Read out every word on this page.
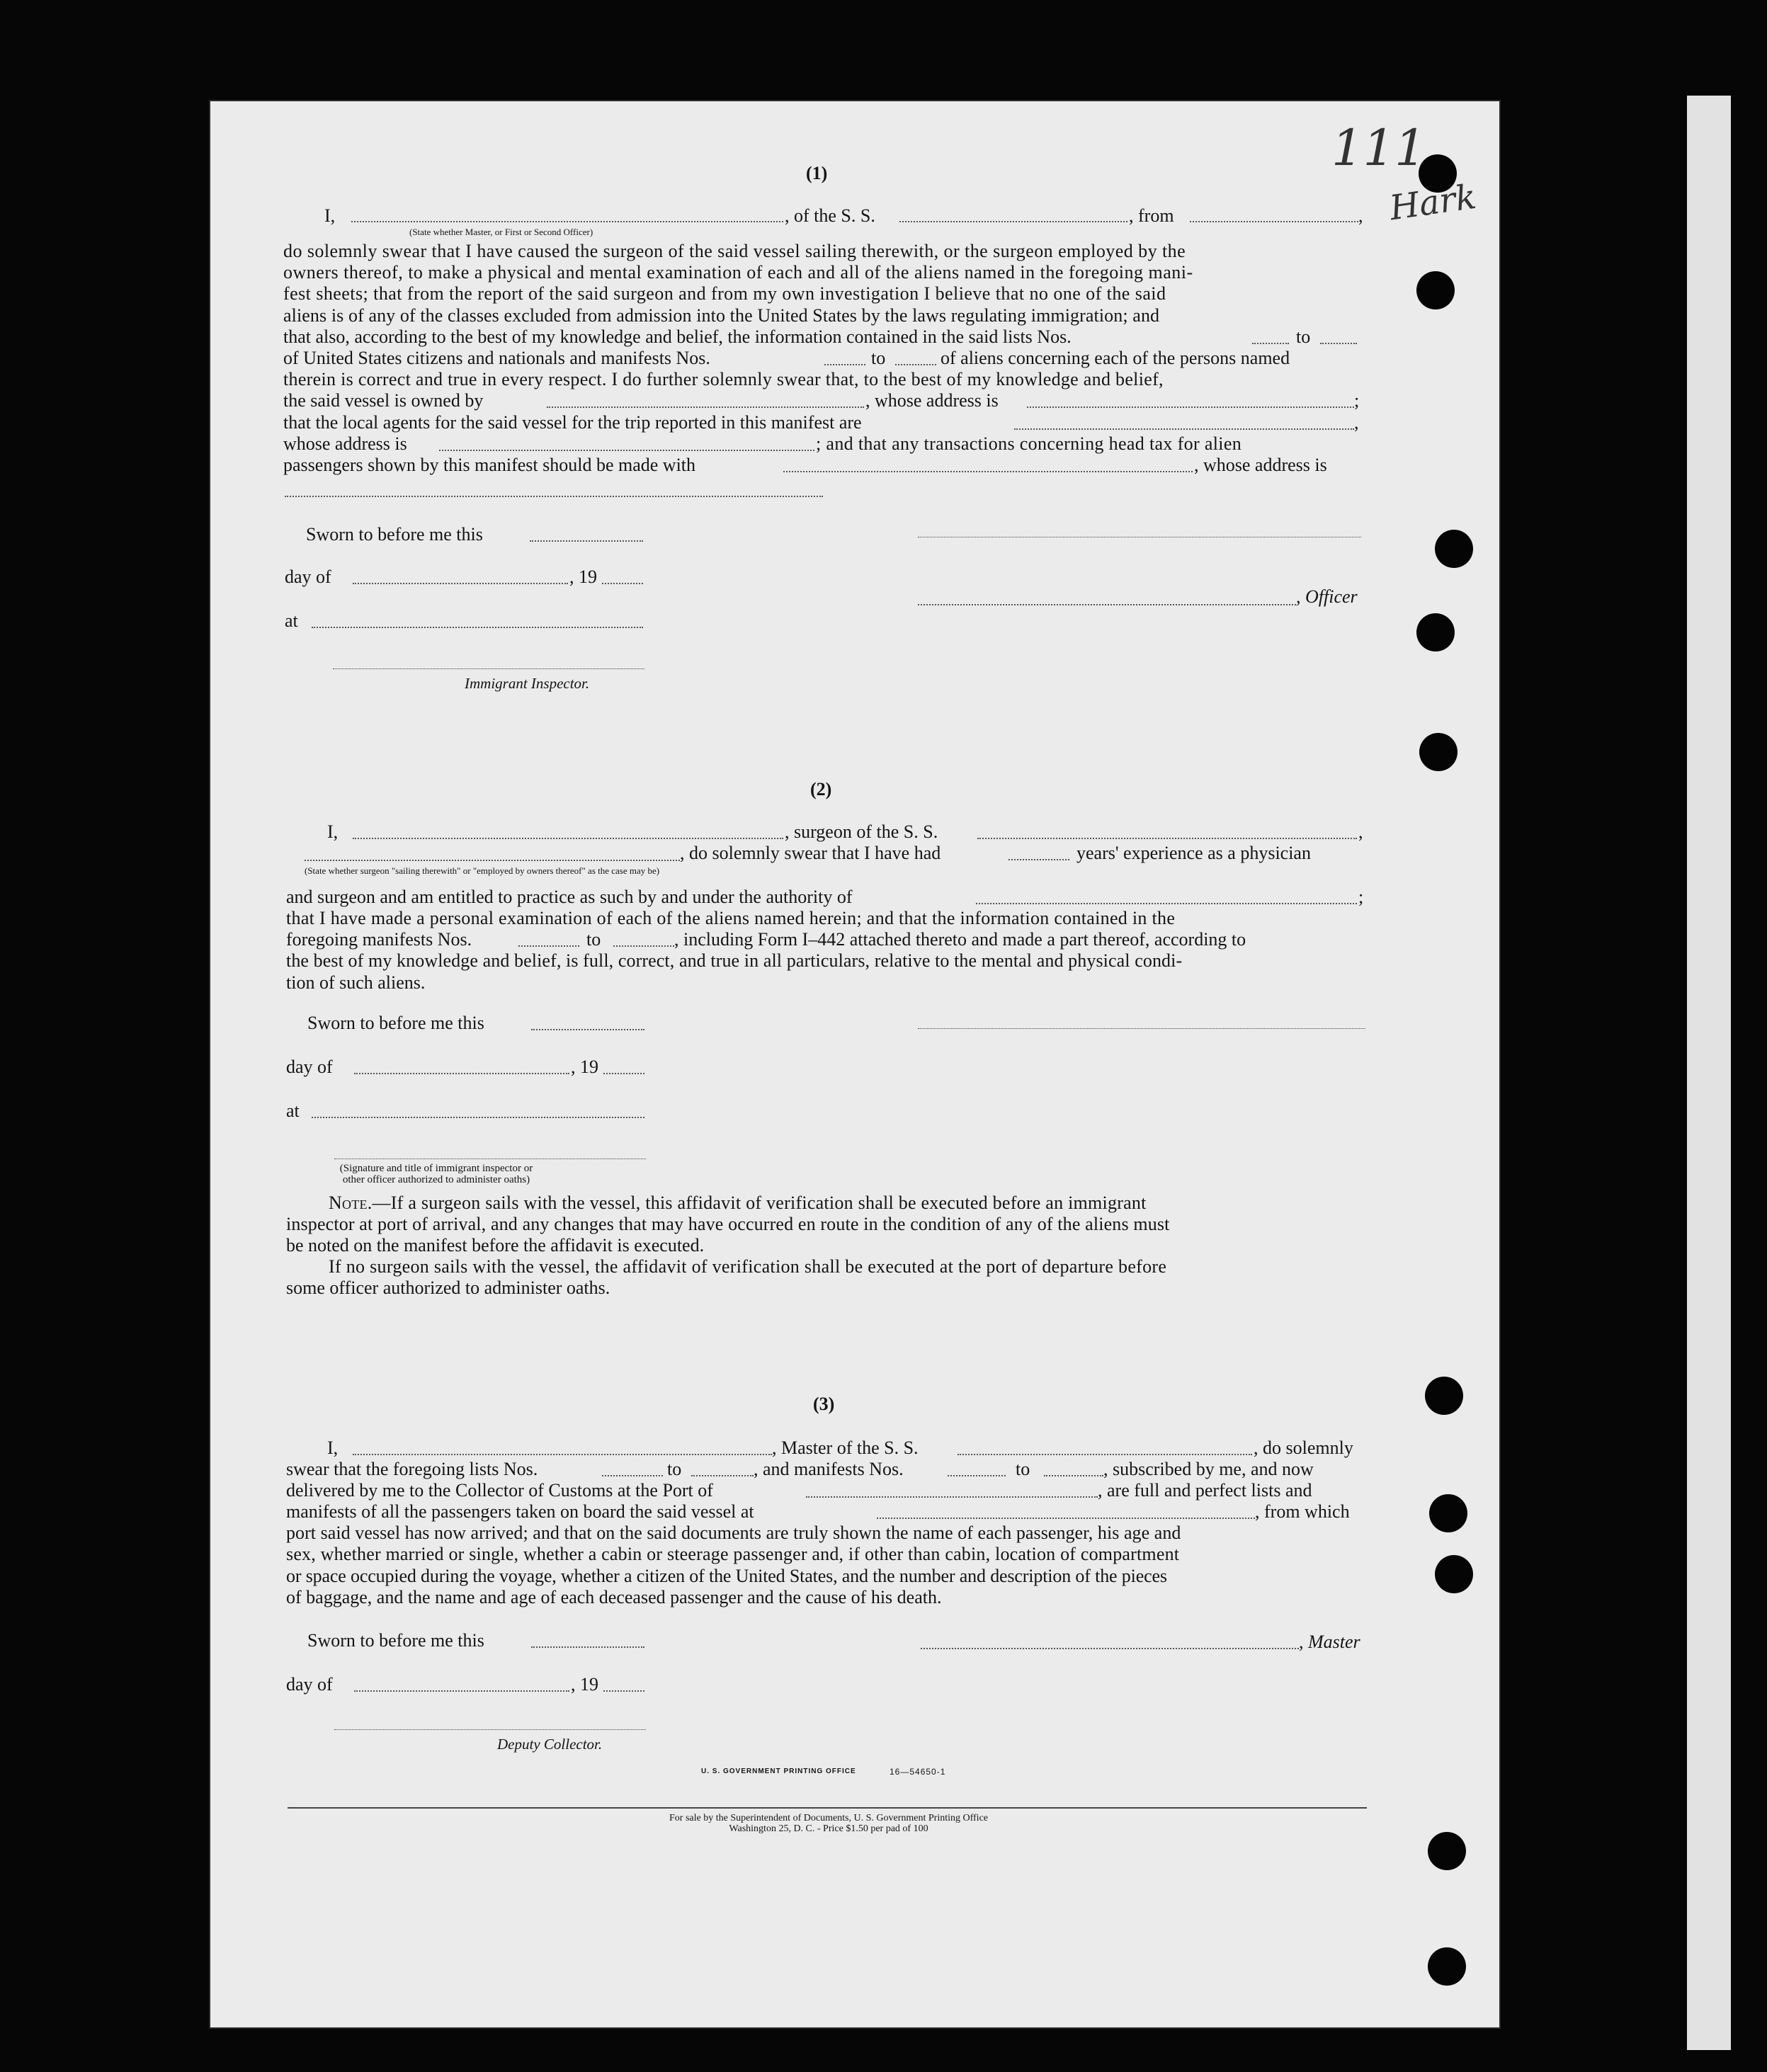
111
Hark
(1)
I,	, of the S. S.	, from	,
(State whether Master, or First or Second Officer)
do solemnly swear that I have caused the surgeon of the said vessel sailing therewith, or the surgeon employed by the
owners thereof, to make a physical and mental examination of each and all of the aliens named in the foregoing mani-
fest sheets; that from the report of the said surgeon and from my own investigation I believe that no one of the said
aliens is of any of the classes excluded from admission into the United States by the laws regulating immigration; and
that also, according to the best of my knowledge and belief, the information contained in the said lists Nos.	to
of United States citizens and nationals and manifests Nos.	to	of aliens concerning each of the persons named
therein is correct and true in every respect. I do further solemnly swear that, to the best of my knowledge and belief,
the said vessel is owned by	, whose address is	;
that the local agents for the said vessel for the trip reported in this manifest are	,
whose address is	; and that any transactions concerning head tax for alien
passengers shown by this manifest should be made with	, whose address is
Sworn to before me this
day of	, 19
, Officer
at
Immigrant Inspector.
(2)
I,	, surgeon of the S. S.	,
, do solemnly swear that I have had	years' experience as a physician
(State whether surgeon "sailing therewith" or "employed by owners thereof" as the case may be)
and surgeon and am entitled to practice as such by and under the authority of	;
that I have made a personal examination of each of the aliens named herein; and that the information contained in the
foregoing manifests Nos.	to	, including Form I–442 attached thereto and made a part thereof, according to
the best of my knowledge and belief, is full, correct, and true in all particulars, relative to the mental and physical condi-
tion of such aliens.
Sworn to before me this
day of	, 19
at
(Signature and title of immigrant inspector or other officer authorized to administer oaths)
Note.—If a surgeon sails with the vessel, this affidavit of verification shall be executed before an immigrant
inspector at port of arrival, and any changes that may have occurred en route in the condition of any of the aliens must
be noted on the manifest before the affidavit is executed.
If no surgeon sails with the vessel, the affidavit of verification shall be executed at the port of departure before
some officer authorized to administer oaths.
(3)
I,	, Master of the S. S.	, do solemnly
swear that the foregoing lists Nos.	to	, and manifests Nos.	to	, subscribed by me, and now
delivered by me to the Collector of Customs at the Port of	, are full and perfect lists and
manifests of all the passengers taken on board the said vessel at	, from which
port said vessel has now arrived; and that on the said documents are truly shown the name of each passenger, his age and
sex, whether married or single, whether a cabin or steerage passenger and, if other than cabin, location of compartment
or space occupied during the voyage, whether a citizen of the United States, and the number and description of the pieces
of baggage, and the name and age of each deceased passenger and the cause of his death.
Sworn to before me this	, Master
day of	, 19
Deputy Collector.
U. S. GOVERNMENT PRINTING OFFICE	16—54650-1
For sale by the Superintendent of Documents, U. S. Government Printing Office
Washington 25, D. C. - Price $1.50 per pad of 100
